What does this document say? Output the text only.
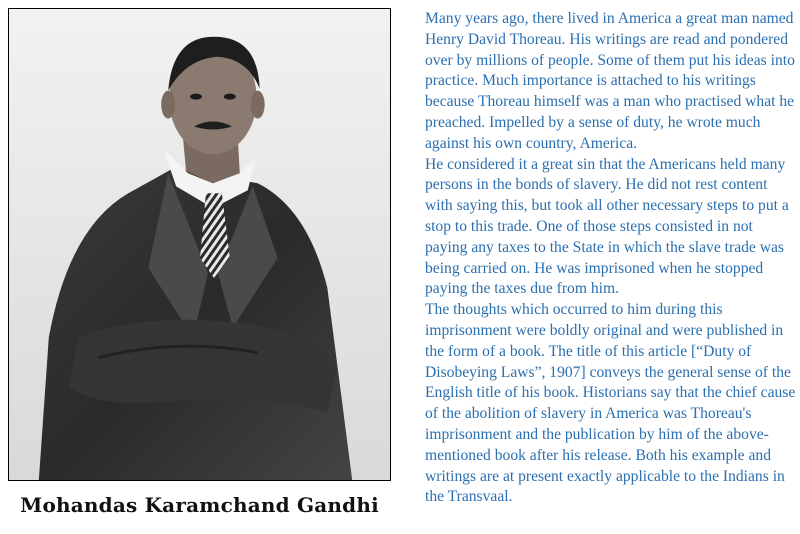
Mohandas Karamchand Gandhi

Many years ago, there lived in America a great man named Henry David Thoreau. His writings are read and pondered over by millions of people. Some of them put his ideas into practice. Much importance is attached to his writings because Thoreau himself was a man who practised what he preached. Impelled by a sense of duty, he wrote much against his own country, America.

He considered it a great sin that the Americans held many persons in the bonds of slavery. He did not rest content with saying this, but took all other necessary steps to put a stop to this trade. One of those steps consisted in not paying any taxes to the State in which the slave trade was being carried on. He was imprisoned when he stopped paying the taxes due from him.

The thoughts which occurred to him during this imprisonment were boldly original and were published in the form of a book. The title of this article [“Duty of Disobeying Laws”, 1907] conveys the general sense of the English title of his book. Historians say that the chief cause of the abolition of slavery in America was Thoreau's imprisonment and the publication by him of the above-mentioned book after his release. Both his example and writings are at present exactly applicable to the Indians in the Transvaal.
